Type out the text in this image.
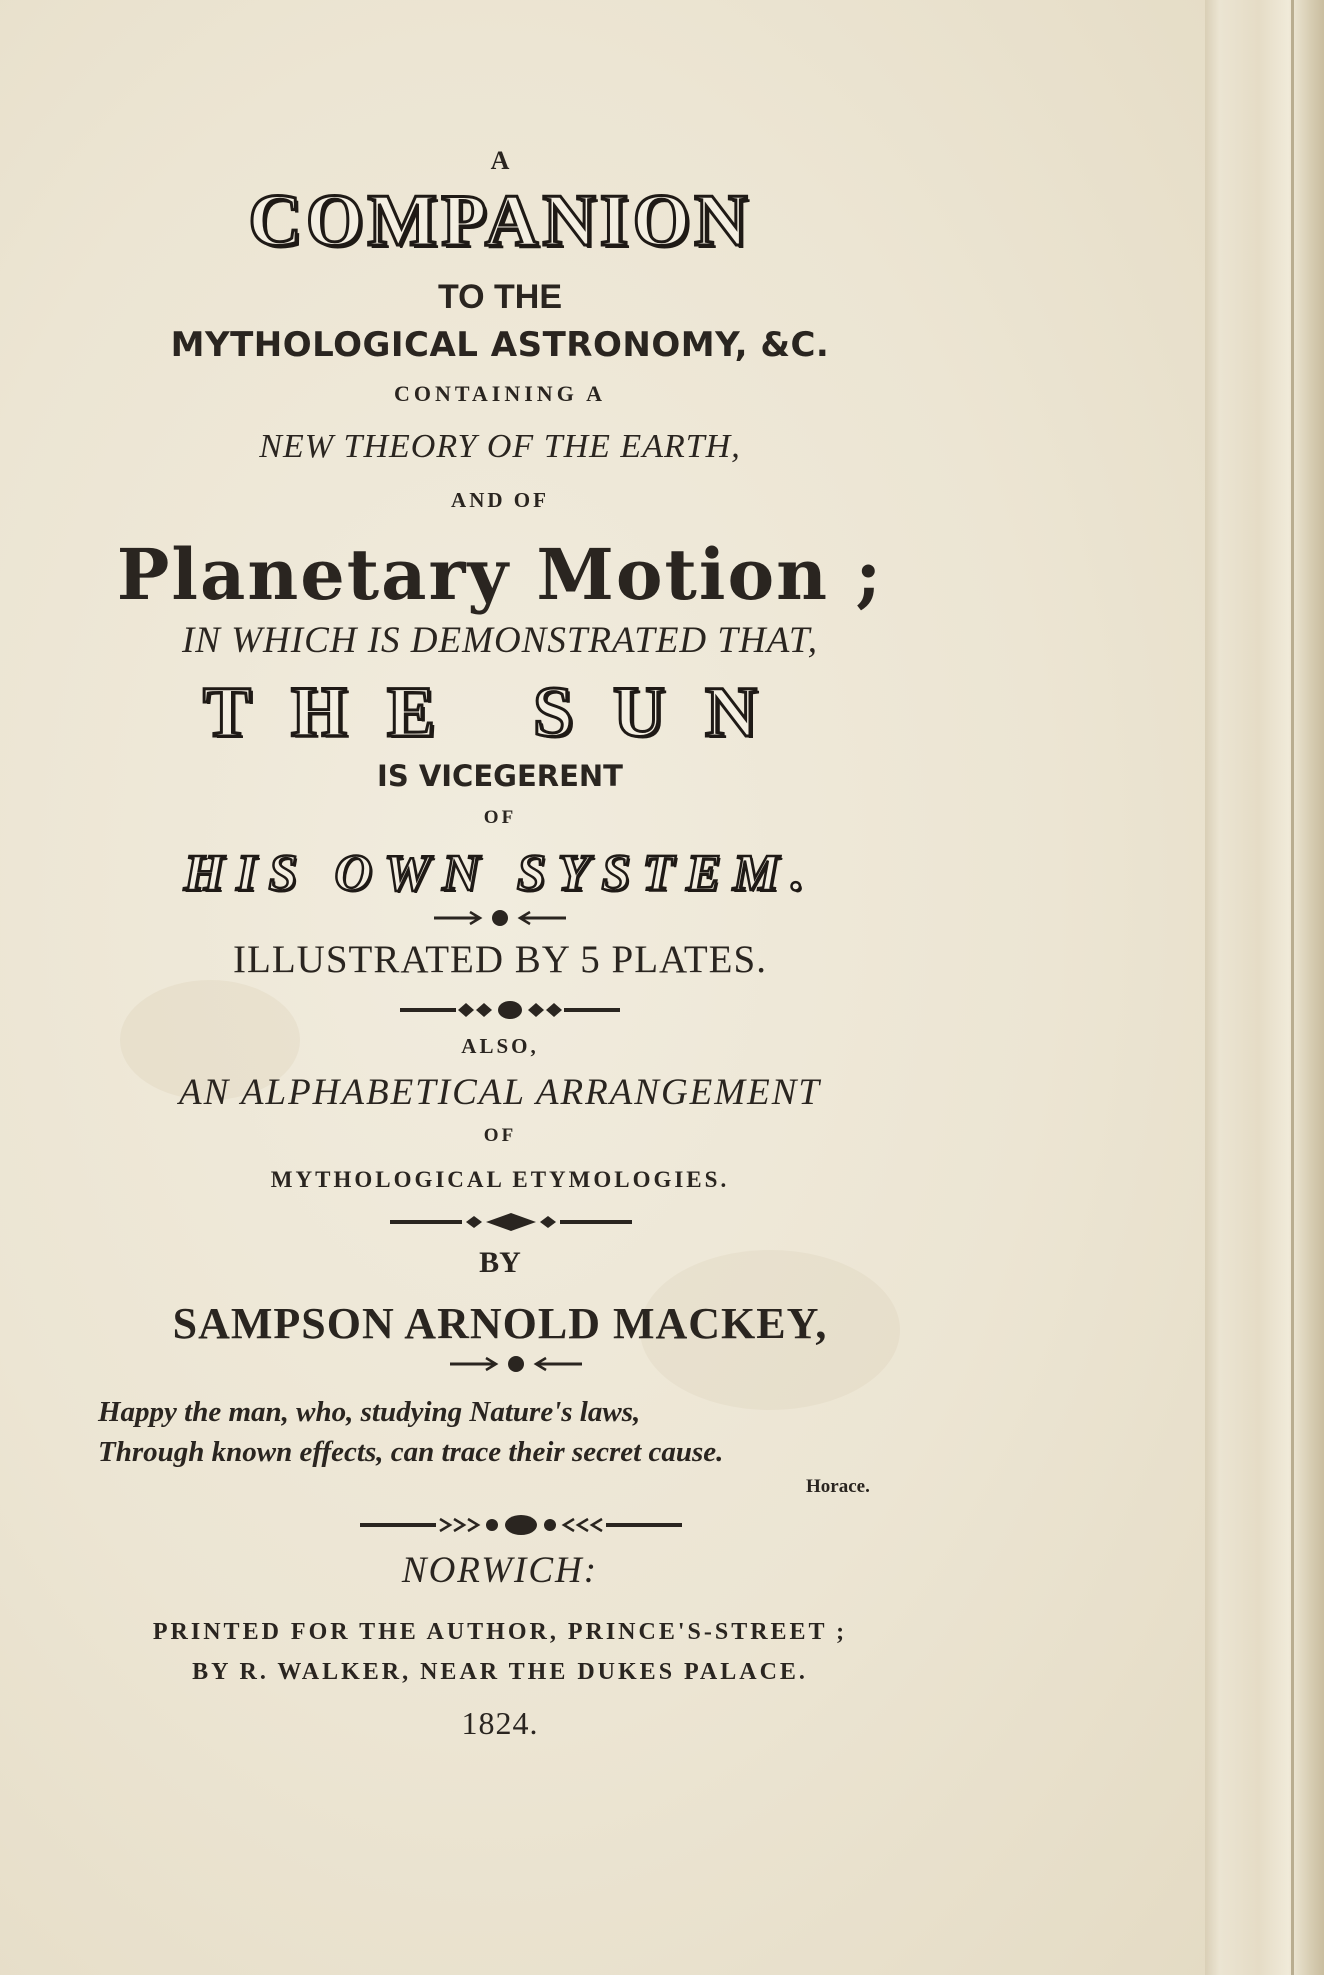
A
COMPANION
TO THE
MYTHOLOGICAL ASTRONOMY, &C.
CONTAINING A
NEW THEORY OF THE EARTH,
AND OF
Planetary Motion ;
IN WHICH IS DEMONSTRATED THAT,
THE SUN
IS VICEGERENT
OF
HIS OWN SYSTEM.
ILLUSTRATED BY 5 PLATES.
ALSO,
AN ALPHABETICAL ARRANGEMENT
OF
MYTHOLOGICAL ETYMOLOGIES.
BY
SAMPSON ARNOLD MACKEY,
Happy the man, who, studying Nature's laws,
Through known effects, can trace their secret cause.
Horace.
NORWICH:
PRINTED FOR THE AUTHOR, PRINCE'S-STREET ;
BY R. WALKER, NEAR THE DUKES PALACE.
1824.
